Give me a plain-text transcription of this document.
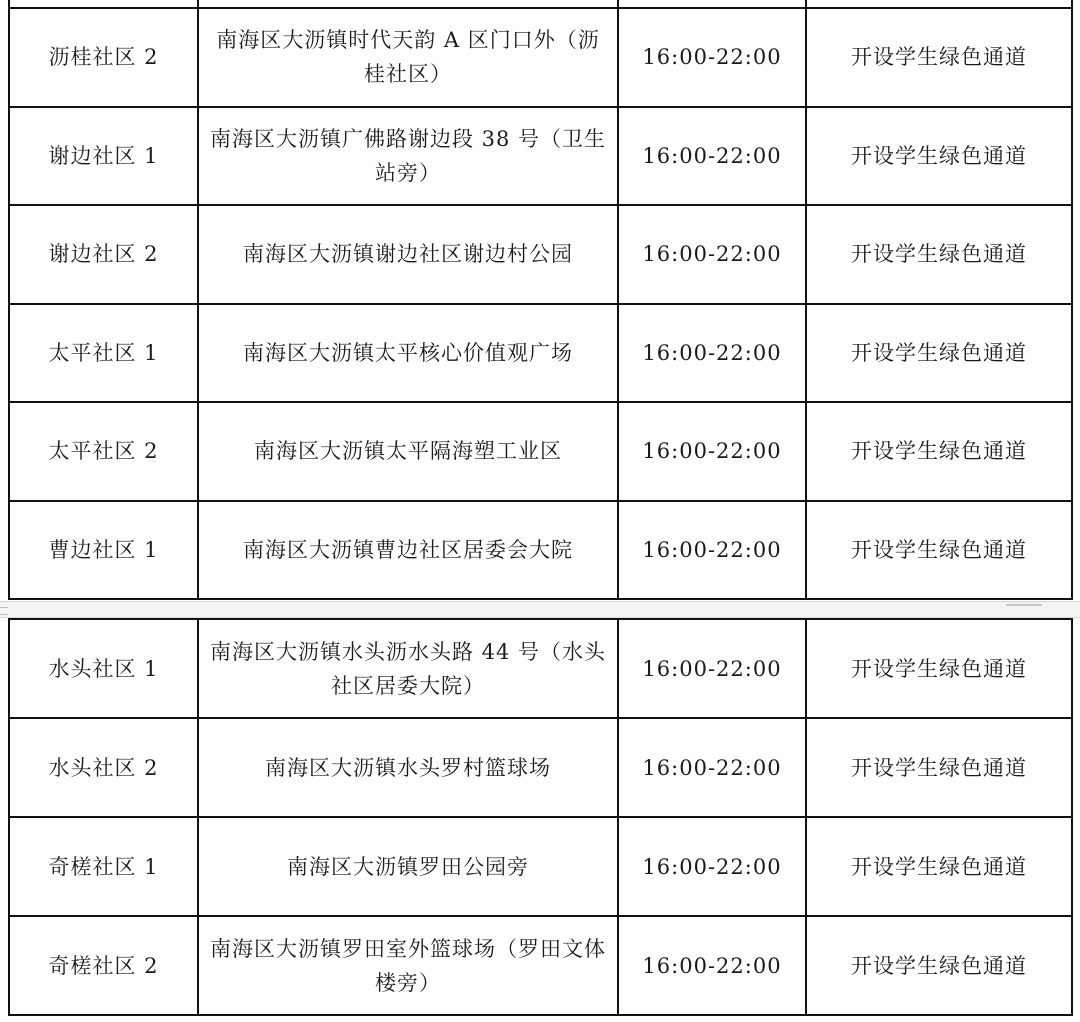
沥桂社区 2	南海区大沥镇时代天韵 A 区门口外（沥桂社区）	16:00-22:00	开设学生绿色通道
谢边社区 1	南海区大沥镇广佛路谢边段 38 号（卫生站旁）	16:00-22:00	开设学生绿色通道
谢边社区 2	南海区大沥镇谢边社区谢边村公园	16:00-22:00	开设学生绿色通道
太平社区 1	南海区大沥镇太平核心价值观广场	16:00-22:00	开设学生绿色通道
太平社区 2	南海区大沥镇太平隔海塑工业区	16:00-22:00	开设学生绿色通道
曹边社区 1	南海区大沥镇曹边社区居委会大院	16:00-22:00	开设学生绿色通道
水头社区 1	南海区大沥镇水头沥水头路 44 号（水头社区居委大院）	16:00-22:00	开设学生绿色通道
水头社区 2	南海区大沥镇水头罗村篮球场	16:00-22:00	开设学生绿色通道
奇槎社区 1	南海区大沥镇罗田公园旁	16:00-22:00	开设学生绿色通道
奇槎社区 2	南海区大沥镇罗田室外篮球场（罗田文体楼旁）	16:00-22:00	开设学生绿色通道
